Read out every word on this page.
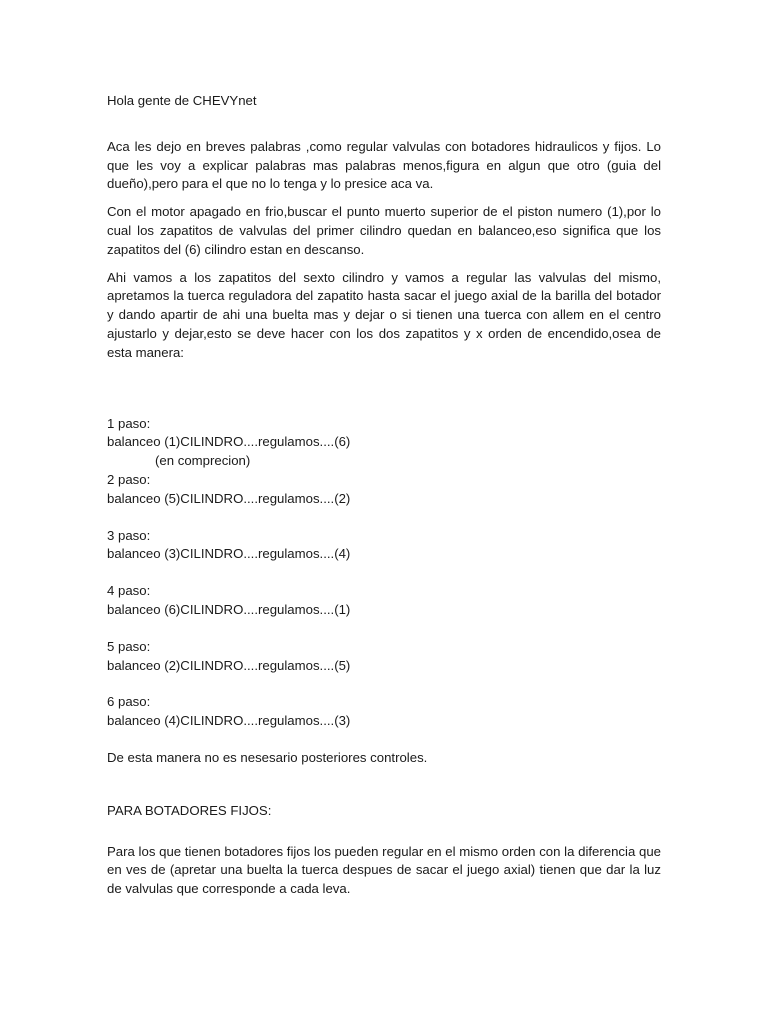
Hola gente de CHEVYnet

Aca les dejo en breves palabras ,como regular valvulas con botadores hidraulicos y fijos. Lo que les voy a explicar palabras mas palabras menos,figura en algun que otro (guia del dueño),pero para el que no lo tenga y lo presice aca va.

Con el motor apagado en frio,buscar el punto muerto superior de el piston numero (1),por lo cual los zapatitos de valvulas del primer cilindro quedan en balanceo,eso significa que los zapatitos del (6) cilindro estan en descanso.

Ahi vamos a los zapatitos del sexto cilindro y vamos a regular las valvulas del mismo, apretamos la tuerca reguladora del zapatito hasta sacar el juego axial de la barilla del botador y dando apartir de ahi una buelta mas y dejar o si tienen una tuerca con allem en el centro ajustarlo y dejar,esto se deve hacer con los dos zapatitos y x orden de encendido,osea de esta manera:

1 paso:
balanceo (1)CILINDRO....regulamos....(6)
(en comprecion)
2 paso:
balanceo (5)CILINDRO....regulamos....(2)
3 paso:
balanceo (3)CILINDRO....regulamos....(4)
4 paso:
balanceo (6)CILINDRO....regulamos....(1)
5 paso:
balanceo (2)CILINDRO....regulamos....(5)
6 paso:
balanceo (4)CILINDRO....regulamos....(3)

De esta manera no es nesesario posteriores controles.

PARA BOTADORES FIJOS:

Para los que tienen botadores fijos los pueden regular en el mismo orden con la diferencia que en ves de (apretar una buelta la tuerca despues de sacar el juego axial) tienen que dar la luz de valvulas que corresponde a cada leva.
